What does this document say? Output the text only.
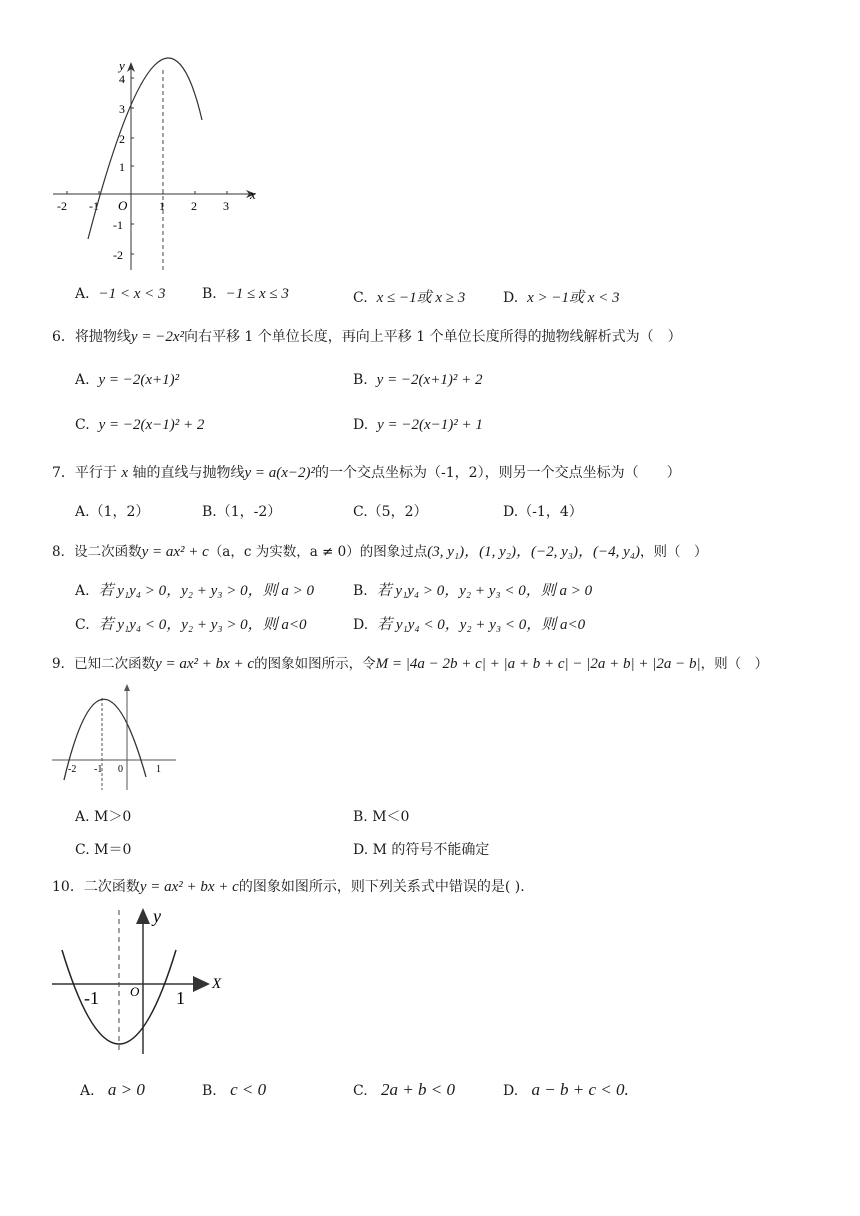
x
y
O
-2 -1	1 2 3
4
3
2
1
-1
-2
A. −1 < x < 3	B. −1 ≤ x ≤ 3	C. x ≤ −1或 x ≥ 3	D. x > −1或 x < 3
6．将抛物线y = −2x²向右平移 1 个单位长度，再向上平移 1 个单位长度所得的抛物线解析式为（　）
A. y = −2(x+1)²	B. y = −2(x+1)² + 2
C. y = −2(x−1)² + 2	D. y = −2(x−1)² + 1
7．平行于 x 轴的直线与抛物线y = a(x−2)²的一个交点坐标为（-1，2），则另一个交点坐标为（　　）
A.（1，2）	B.（1，-2）	C.（5，2）	D.（-1，4）
8．设二次函数y = ax² + c（a，c 为实数，a ≠ 0）的图象过点(3, y₁)，(1, y₂)，(−2, y₃)，(−4, y₄)，则（　）
A. 若 y₁y₄ > 0，y₂ + y₃ > 0，则 a > 0	B. 若 y₁y₄ > 0，y₂ + y₃ < 0，则 a > 0
C. 若 y₁y₄ < 0，y₂ + y₃ > 0，则 a<0	D. 若 y₁y₄ < 0，y₂ + y₃ < 0，则 a<0
9．已知二次函数y = ax² + bx + c的图象如图所示，令M = |4a − 2b + c| + |a + b + c| − |2a + b| + |2a − b|，则（　）
-2 -1 0	1
A. M＞0	B. M＜0
C. M＝0	D. M 的符号不能确定
10．二次函数y = ax² + bx + c的图象如图所示，则下列关系式中错误的是( ).
X
y
O
-1	1
A. a > 0	B. c < 0	C. 2a + b < 0	D. a − b + c < 0.
